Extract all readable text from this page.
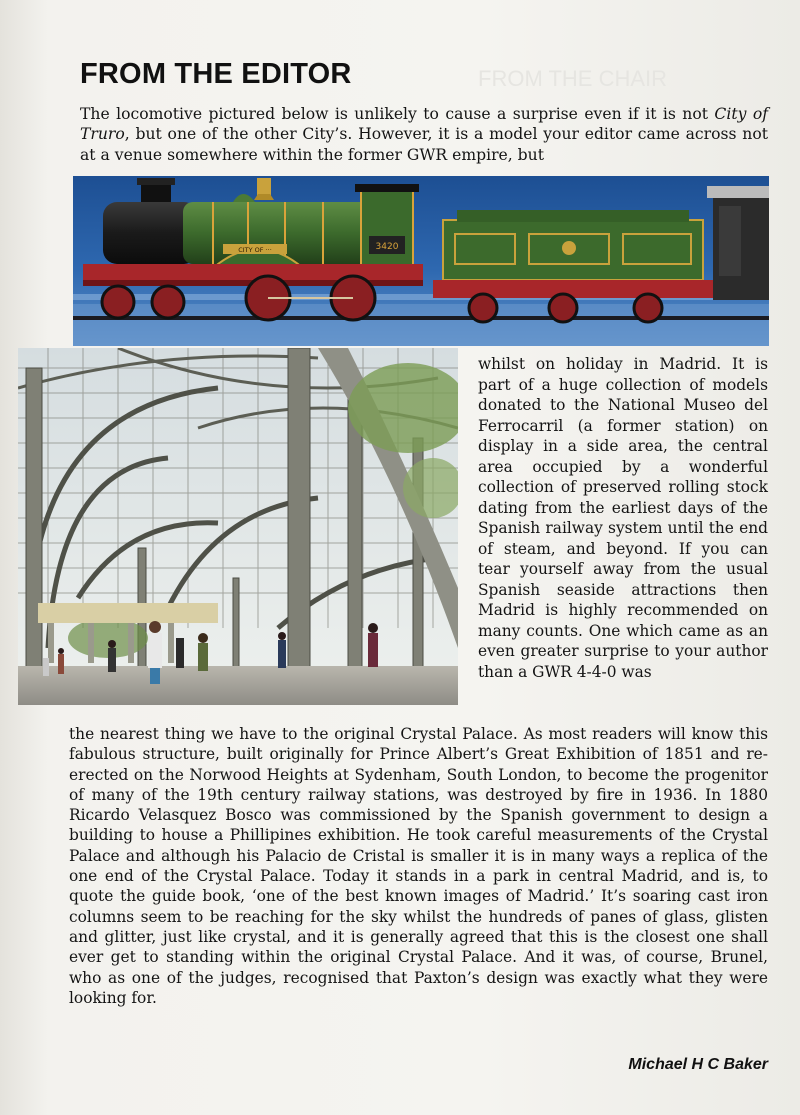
FROM THE EDITOR	FROM THE CHAIR
The locomotive pictured below is unlikely to cause a surprise even if it is not City of Truro, but one of the other City’s. However, it is a model your editor came across not at a venue somewhere within the former GWR empire, but
3420
CITY OF ···
whilst on holiday in Madrid. It is part of a huge collection of models donated to the National Museo del Ferrocarril (a former station) on display in a side area, the central area occupied by a wonderful collection of preserved rolling stock dating from the earliest days of the Spanish railway system until the end of steam, and beyond. If you can tear yourself away from the usual Spanish seaside attractions then Madrid is highly recommended on many counts. One which came as an even greater surprise to your author than a GWR 4-4-0 was
the nearest thing we have to the original Crystal Palace. As most readers will know this fabulous structure, built originally for Prince Albert’s Great Exhibition of 1851 and re-erected on the Norwood Heights at Sydenham, South London, to become the progenitor of many of the 19th century railway stations, was destroyed by fire in 1936. In 1880 Ricardo Velasquez Bosco was commissioned by the Spanish government to design a building to house a Phillipines exhibition. He took careful measurements of the Crystal Palace and although his Palacio de Cristal is smaller it is in many ways a replica of the one end of the Crystal Palace. Today it stands in a park in central Madrid, and is, to quote the guide book, ‘one of the best known images of Madrid.’ It’s soaring cast iron columns seem to be reaching for the sky whilst the hundreds of panes of glass, glisten and glitter, just like crystal, and it is generally agreed that this is the closest one shall ever get to standing within the original Crystal Palace. And it was, of course, Brunel, who as one of the judges, recognised that Paxton’s design was exactly what they were looking for.
Michael H C Baker
